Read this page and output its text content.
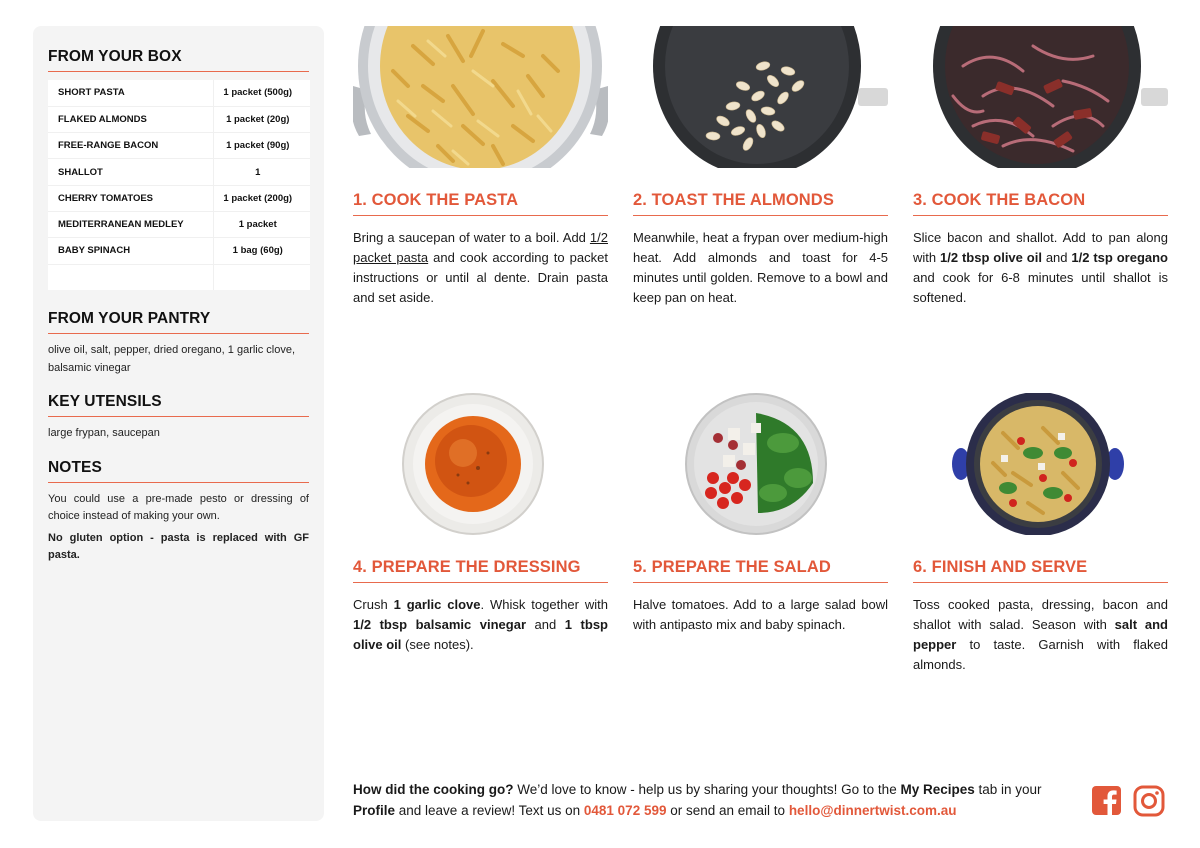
FROM YOUR BOX
SHORT PASTA	1 packet (500g)
FLAKED ALMONDS	1 packet (20g)
FREE-RANGE BACON	1 packet (90g)
SHALLOT	1
CHERRY TOMATOES	1 packet (200g)
MEDITERRANEAN MEDLEY	1 packet
BABY SPINACH	1 bag (60g)

FROM YOUR PANTRY
olive oil, salt, pepper, dried oregano, 1 garlic clove, balsamic vinegar
KEY UTENSILS
large frypan, saucepan
NOTES
You could use a pre-made pesto or dressing of choice instead of making your own.
No gluten option - pasta is replaced with GF pasta.
1. COOK THE PASTA
Bring a saucepan of water to a boil. Add 1/2 packet pasta and cook according to packet instructions or until al dente. Drain pasta and set aside.
2. TOAST THE ALMONDS
Meanwhile, heat a frypan over medium-high heat. Add almonds and toast for 4-5 minutes until golden. Remove to a bowl and keep pan on heat.
3. COOK THE BACON
Slice bacon and shallot. Add to pan along with 1/2 tbsp olive oil and 1/2 tsp oregano and cook for 6-8 minutes until shallot is softened.
4. PREPARE THE DRESSING
Crush 1 garlic clove. Whisk together with 1/2 tbsp balsamic vinegar and 1 tbsp olive oil (see notes).
5. PREPARE THE SALAD
Halve tomatoes. Add to a large salad bowl with antipasto mix and baby spinach.
6. FINISH AND SERVE
Toss cooked pasta, dressing, bacon and shallot with salad. Season with salt and pepper to taste. Garnish with flaked almonds.
How did the cooking go? We’d love to know - help us by sharing your thoughts! Go to the My Recipes tab in your Profile and leave a review! Text us on 0481 072 599 or send an email to hello@dinnertwist.com.au
